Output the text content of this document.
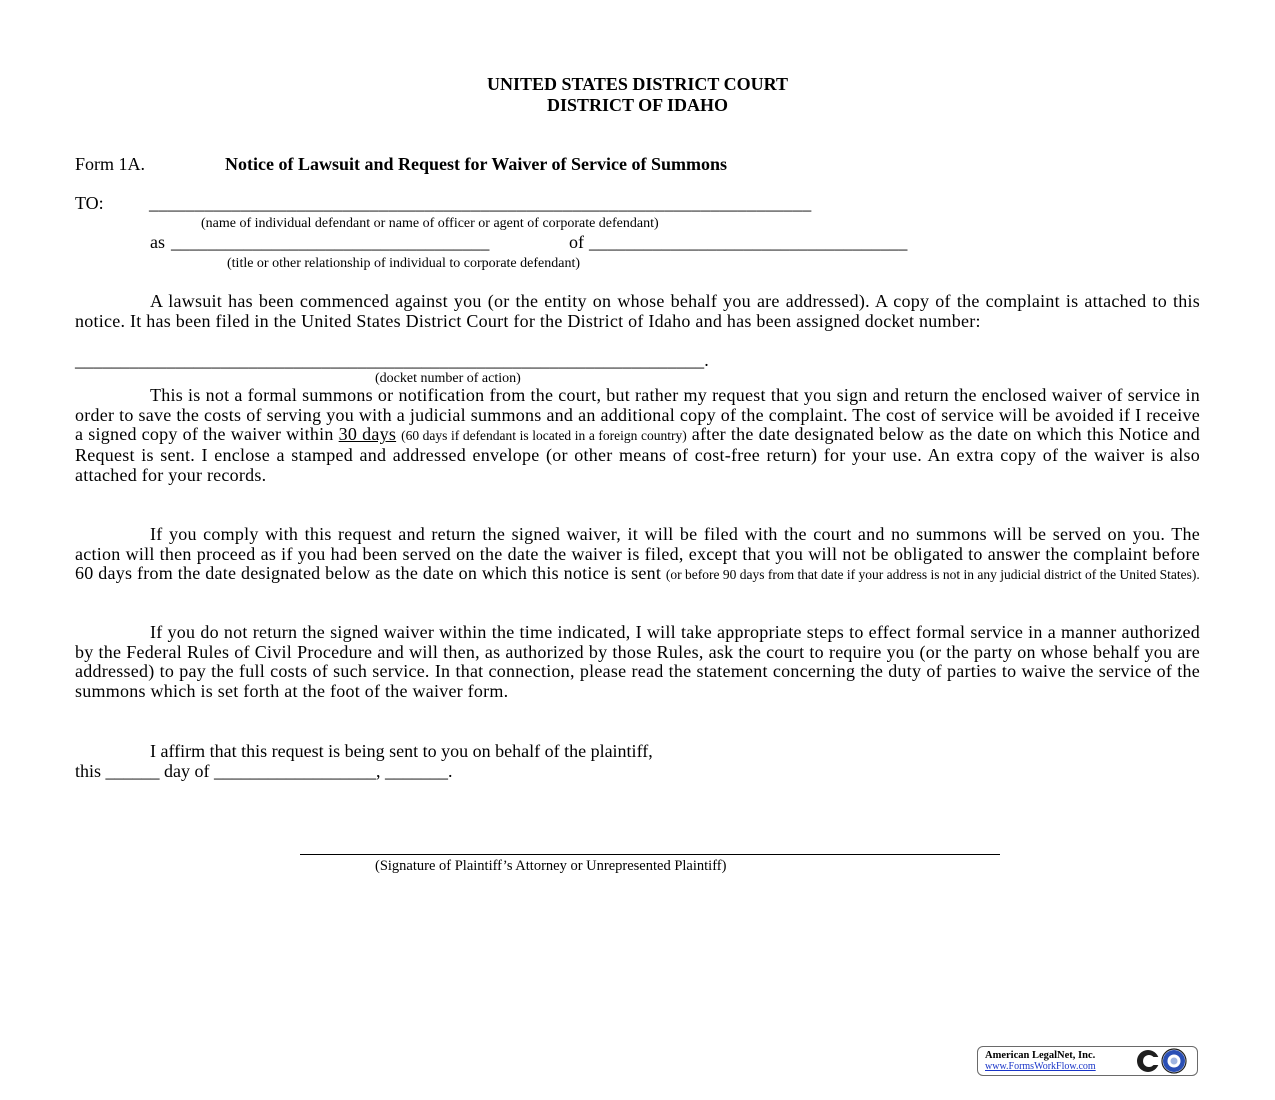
UNITED STATES DISTRICT COURT
DISTRICT OF IDAHO
Form 1A.	Notice of Lawsuit and Request for Waiver of Service of Summons
TO:	________________________________________________________________________
(name of individual defendant or name of officer or agent of corporate defendant)
as ___________________________________	of ___________________________________
(title or other relationship of individual to corporate defendant)
A lawsuit has been commenced against you (or the entity on whose behalf you are addressed). A copy of the complaint is attached to this notice. It has been filed in the United States District Court for the District of Idaho and has been assigned docket number:
_____________________________________________________________________.
(docket number of action)
This is not a formal summons or notification from the court, but rather my request that you sign and return the enclosed waiver of service in order to save the costs of serving you with a judicial summons and an additional copy of the complaint. The cost of service will be avoided if I receive a signed copy of the waiver within 30 days (60 days if defendant is located in a foreign country) after the date designated below as the date on which this Notice and Request is sent. I enclose a stamped and addressed envelope (or other means of cost-free return) for your use. An extra copy of the waiver is also attached for your records.
If you comply with this request and return the signed waiver, it will be filed with the court and no summons will be served on you. The action will then proceed as if you had been served on the date the waiver is filed, except that you will not be obligated to answer the complaint before 60 days from the date designated below as the date on which this notice is sent (or before 90 days from that date if your address is not in any judicial district of the United States).
If you do not return the signed waiver within the time indicated, I will take appropriate steps to effect formal service in a manner authorized by the Federal Rules of Civil Procedure and will then, as authorized by those Rules, ask the court to require you (or the party on whose behalf you are addressed) to pay the full costs of such service. In that connection, please read the statement concerning the duty of parties to waive the service of the summons which is set forth at the foot of the waiver form.
I affirm that this request is being sent to you on behalf of the plaintiff,
this ______ day of __________________, _______.
(Signature of Plaintiff’s Attorney or Unrepresented Plaintiff)
American LegalNet, Inc.
www.FormsWorkFlow.com
